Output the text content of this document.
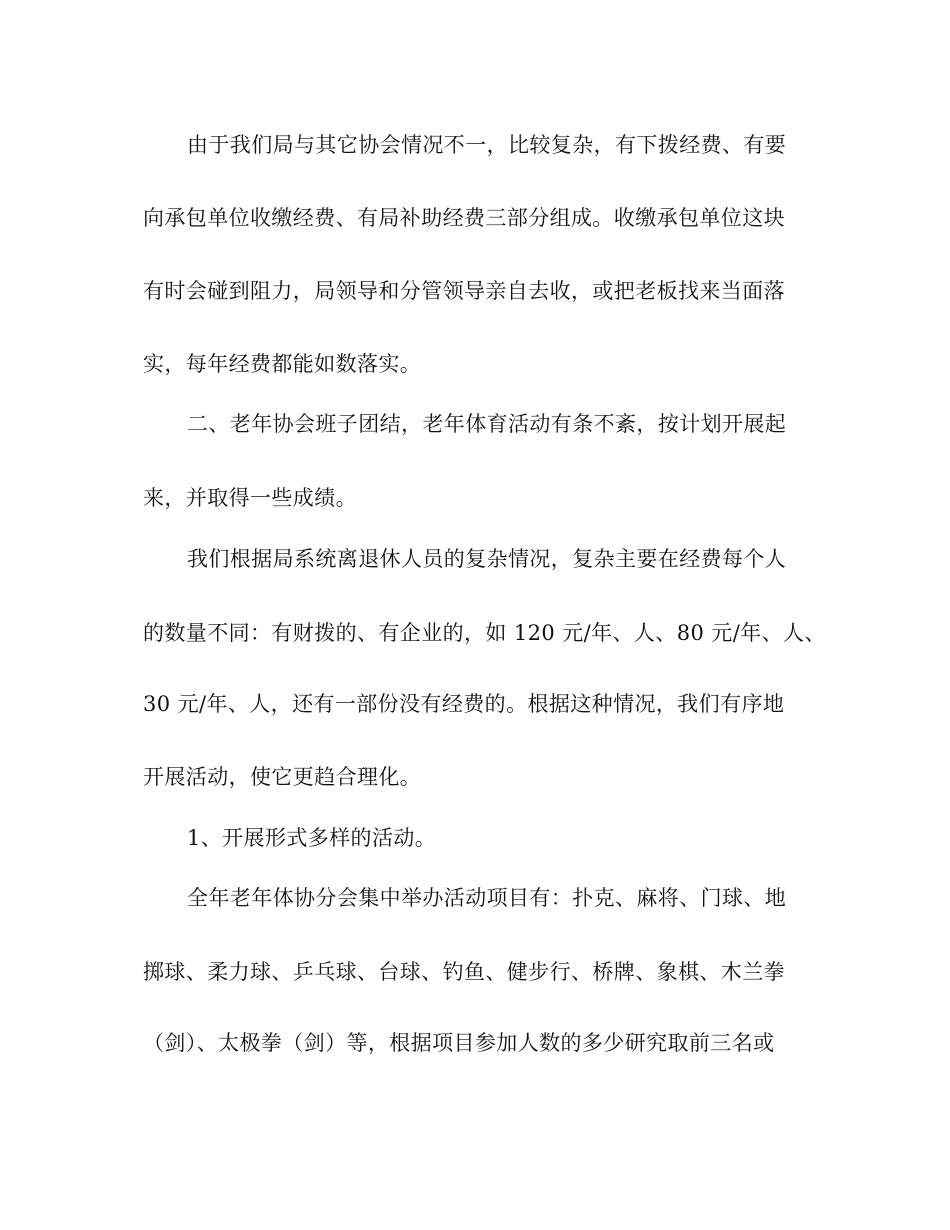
由于我们局与其它协会情况不一，比较复杂，有下拨经费、有要
向承包单位收缴经费、有局补助经费三部分组成。收缴承包单位这块
有时会碰到阻力，局领导和分管领导亲自去收，或把老板找来当面落
实，每年经费都能如数落实。
二、老年协会班子团结，老年体育活动有条不紊，按计划开展起
来，并取得一些成绩。
我们根据局系统离退休人员的复杂情况，复杂主要在经费每个人
的数量不同：有财拨的、有企业的，如 120 元/年、人、80 元/年、人、
30 元/年、人，还有一部份没有经费的。根据这种情况，我们有序地
开展活动，使它更趋合理化。
1、开展形式多样的活动。
全年老年体协分会集中举办活动项目有：扑克、麻将、门球、地
掷球、柔力球、乒乓球、台球、钓鱼、健步行、桥牌、象棋、木兰拳
（剑）、太极拳（剑）等，根据项目参加人数的多少研究取前三名或
